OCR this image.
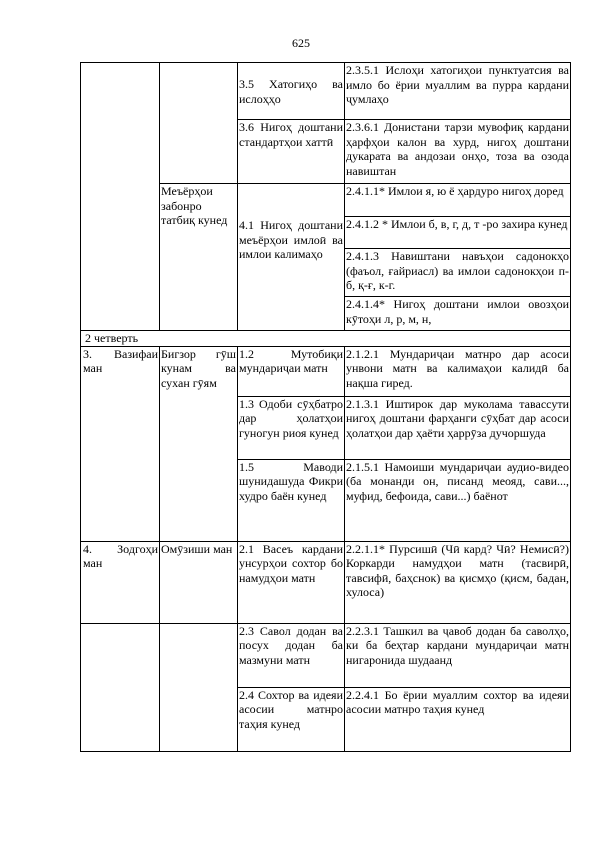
625
		3.5 Хатогиҳо ва ислоҳҳо	2.3.5.1 Ислоҳи хатогиҳои пунктуатсия ва имло бо ёрии муаллим ва пурра кардани ҷумлаҳо
		3.6 Нигоҳ доштани стандартҳои хаттӣ	2.3.6.1 Донистани тарзи мувофиқ кардани ҳарфҳои калон ва хурд, нигоҳ доштани дукарата ва андозаи онҳо, тоза ва озода навиштан
	Меъёрҳои забонро татбиқ кунед	4.1 Нигоҳ доштани меъёрҳои имлоӣ ва имлои калимаҳо	2.4.1.1* Имлои я, ю ё ҳардуро нигоҳ доред
			2.4.1.2 * Имлои б, в, г, д, т -ро захира кунед
			2.4.1.3 Навиштани навъҳои садонокҳо (фаъол, ғайриасл) ва имлои садонокҳои п-б, қ-ғ, к-г.
			2.4.1.4* Нигоҳ доштани имлои овозҳои кӯтоҳи л, р, м, н,
2 четверть			
3. Вазифаи ман	Бигзор гӯш кунам ва сухан гӯям	1.2 Мутобиқи мундариҷаи матн	2.1.2.1 Мундариҷаи матнро дар асоси унвони матн ва калимаҳои калидӣ ба нақша гиред.
		1.3 Одоби сӯҳбатро дар ҳолатҳои гуногун риоя кунед	2.1.3.1 Иштирок дар муколама тавассути нигоҳ доштани фарҳанги сӯҳбат дар асоси ҳолатҳои дар ҳаёти ҳаррӯза дучоршуда
		1.5 Маводи шунидашуда Фикри худро баён кунед	2.1.5.1 Намоиши мундариҷаи аудио-видео (ба монанди он, писанд меояд, сави..., муфид, бефоида, сави...) баёнот
4. Зодгоҳи ман	Омӯзиши ман	2.1 Васеъ кардани унсурҳои сохтор бо намудҳои матн	2.2.1.1* Пурсишӣ (Чӣ кард? Чӣ? Немисӣ?) Коркарди намудҳои матн (тасвирӣ, тавсифӣ, баҳснок) ва қисмҳо (қисм, бадан, хулоса)
		2.3 Савол додан ва посух додан ба мазмуни матн	2.2.3.1 Ташкил ва ҷавоб додан ба саволҳо, ки ба беҳтар кардани мундариҷаи матн нигаронида шудаанд
		2.4 Сохтор ва идеяи асосии матнро таҳия кунед	2.2.4.1 Бо ёрии муаллим сохтор ва идеяи асосии матнро таҳия кунед
